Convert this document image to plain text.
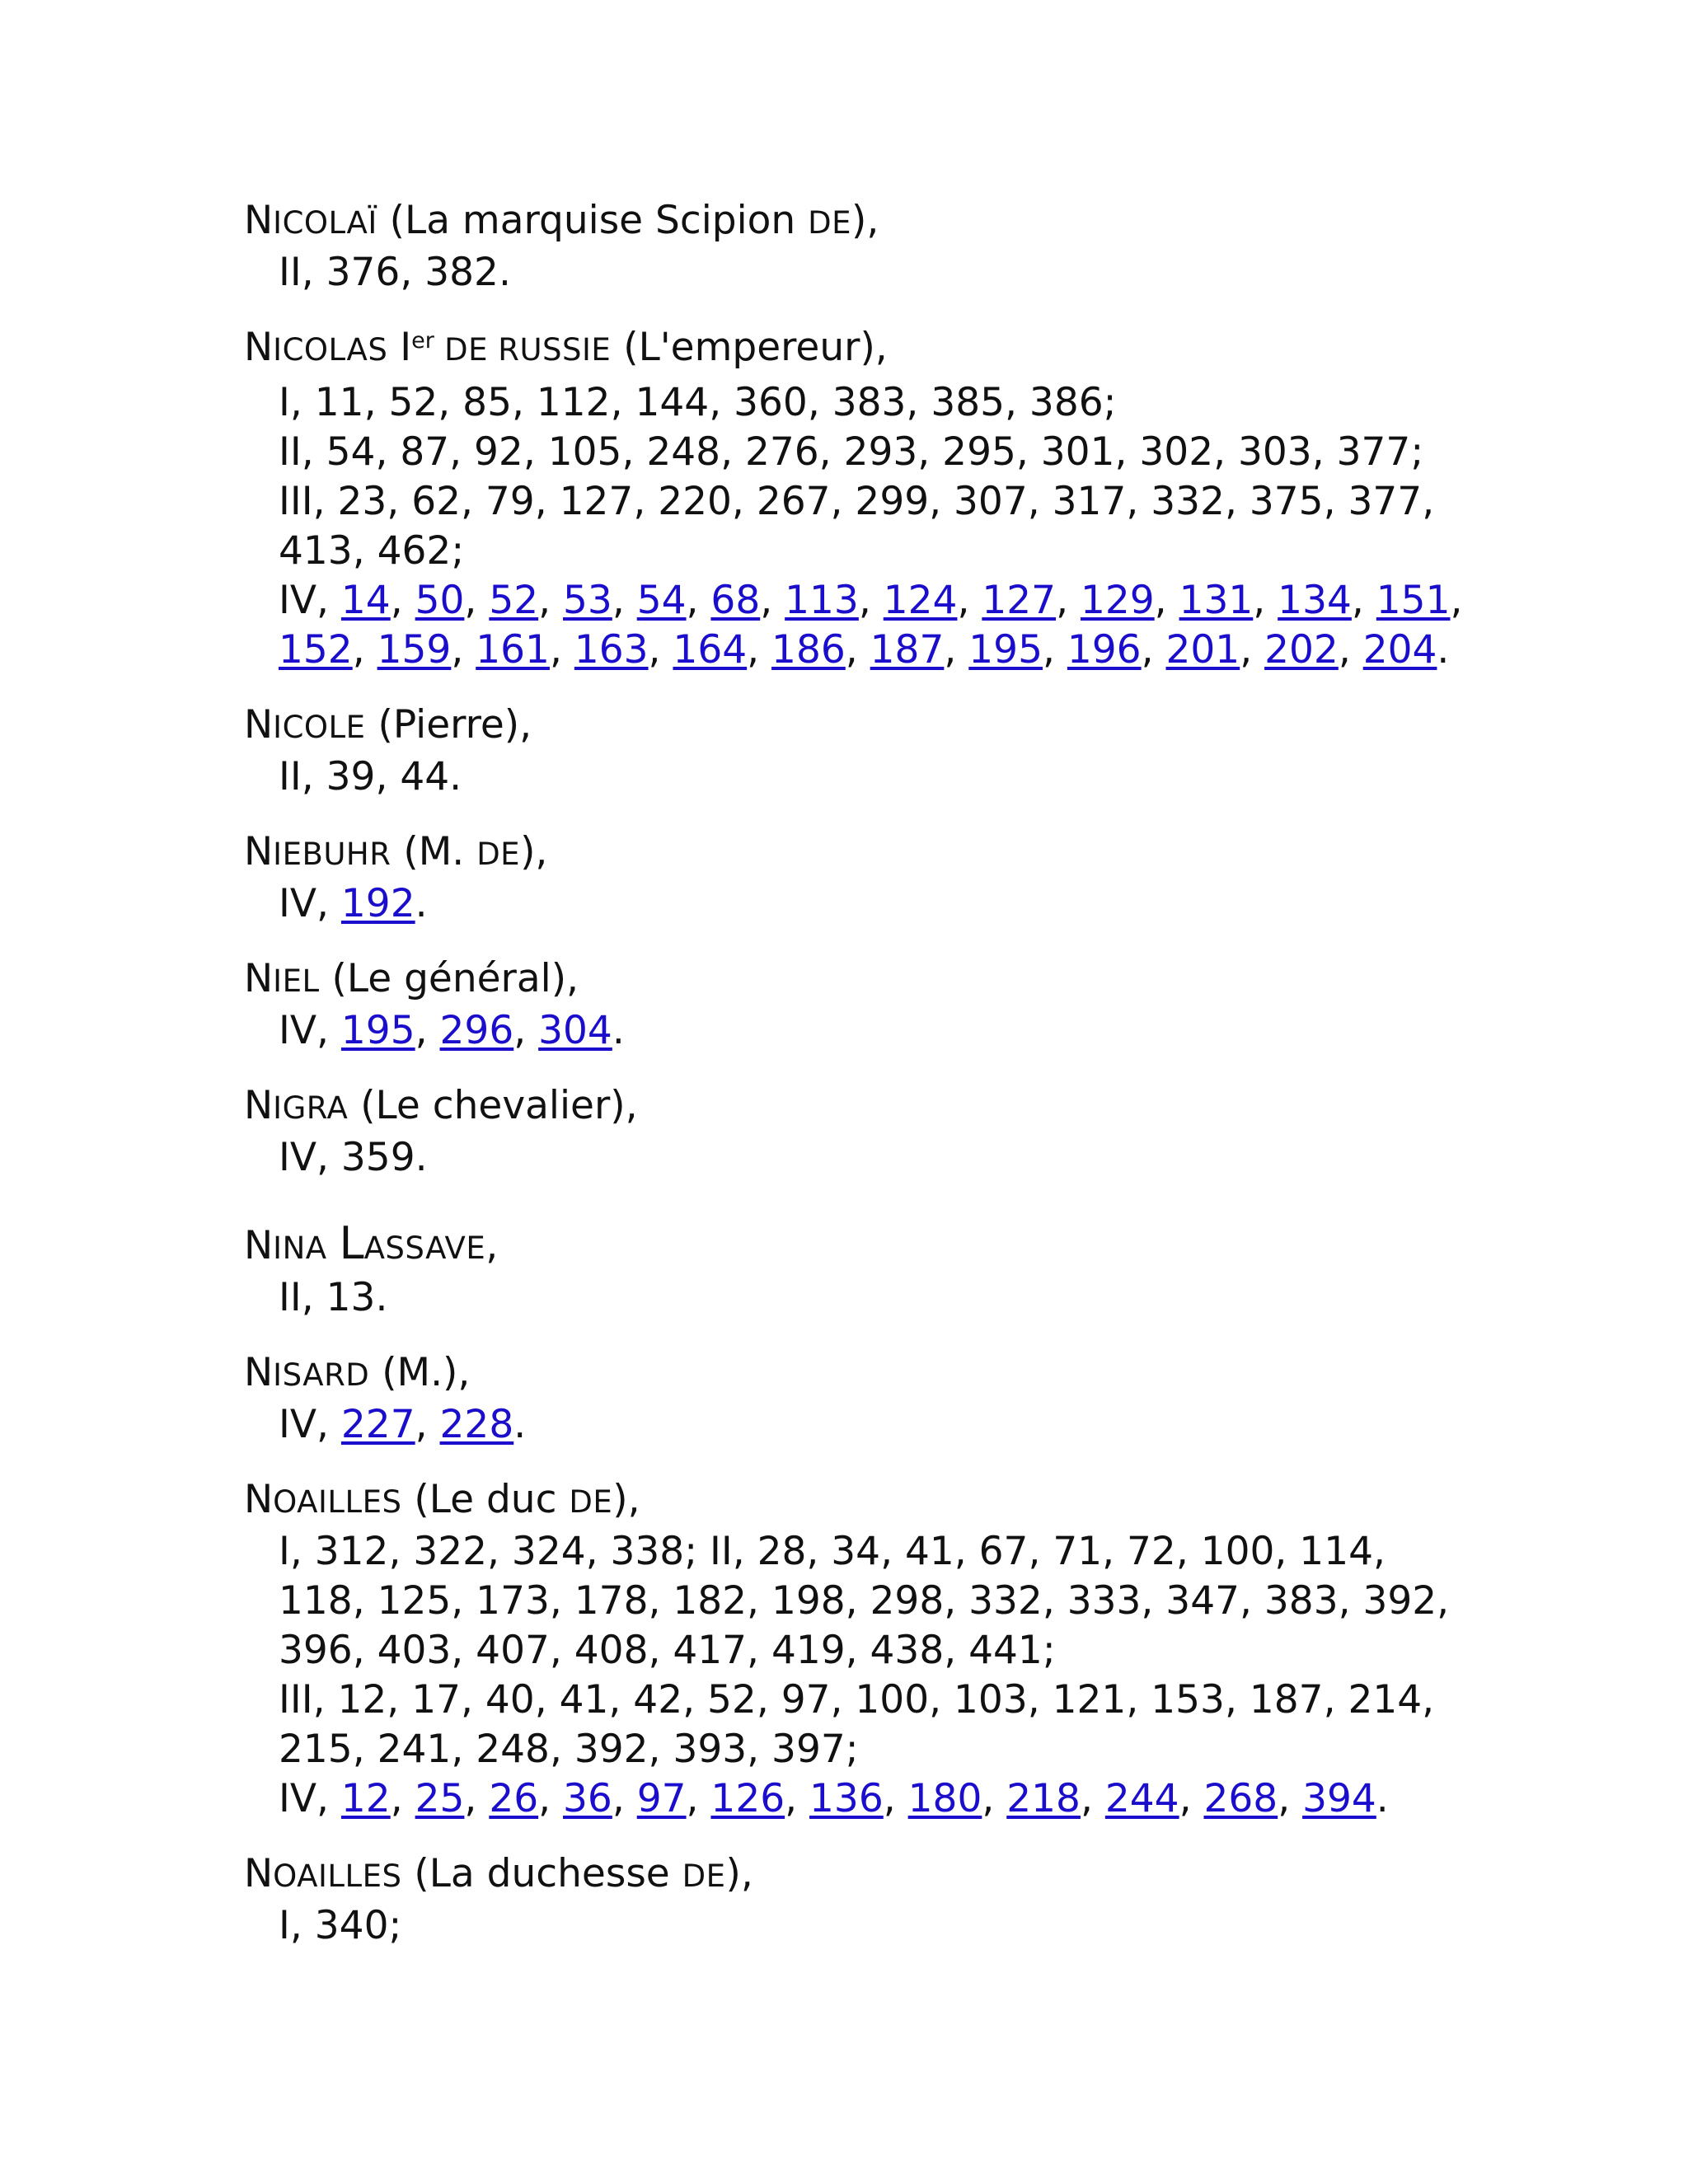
NICOLAÏ (La marquise Scipion DE),
II, 376, 382.
NICOLAS Ier DE RUSSIE (L'empereur),
I, 11, 52, 85, 112, 144, 360, 383, 385, 386;
II, 54, 87, 92, 105, 248, 276, 293, 295, 301, 302, 303, 377;
III, 23, 62, 79, 127, 220, 267, 299, 307, 317, 332, 375, 377,
413, 462;
IV, 14, 50, 52, 53, 54, 68, 113, 124, 127, 129, 131, 134, 151,
152, 159, 161, 163, 164, 186, 187, 195, 196, 201, 202, 204.
NICOLE (Pierre),
II, 39, 44.
NIEBUHR (M. DE),
IV, 192.
NIEL (Le général),
IV, 195, 296, 304.
NIGRA (Le chevalier),
IV, 359.
NINA LASSAVE,
II, 13.
NISARD (M.),
IV, 227, 228.
NOAILLES (Le duc DE),
I, 312, 322, 324, 338; II, 28, 34, 41, 67, 71, 72, 100, 114,
118, 125, 173, 178, 182, 198, 298, 332, 333, 347, 383, 392,
396, 403, 407, 408, 417, 419, 438, 441;
III, 12, 17, 40, 41, 42, 52, 97, 100, 103, 121, 153, 187, 214,
215, 241, 248, 392, 393, 397;
IV, 12, 25, 26, 36, 97, 126, 136, 180, 218, 244, 268, 394.
NOAILLES (La duchesse DE),
I, 340;
